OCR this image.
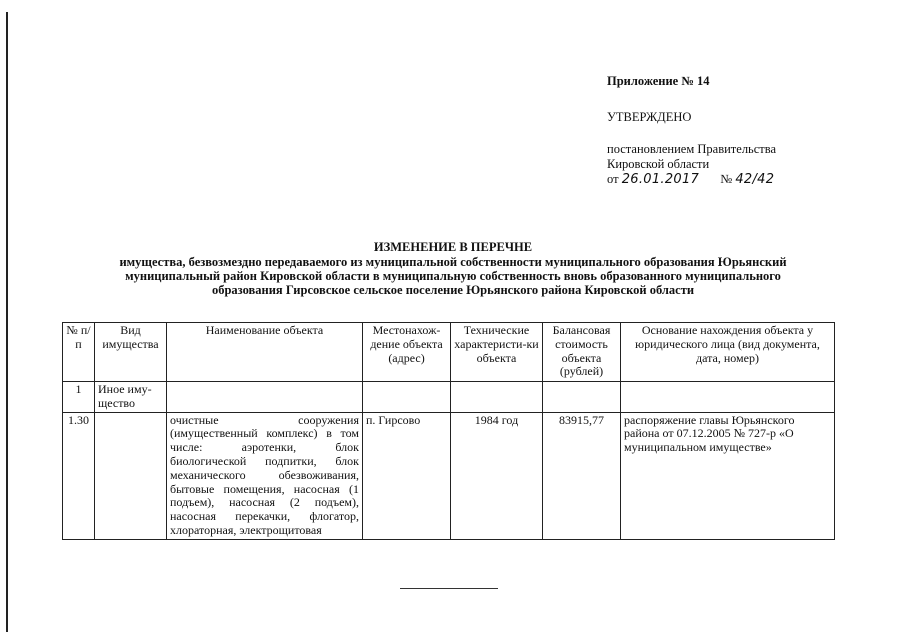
Приложение № 14
УТВЕРЖДЕНО
постановлением Правительства
Кировской области
от 26.01.2017 № 42/42
ИЗМЕНЕНИЕ В ПЕРЕЧНЕ
имущества, безвозмездно передаваемого из муниципальной собственности муниципального образования Юрьянский
муниципальный район Кировской области в муниципальную собственность вновь образованного муниципального
образования Гирсовское сельское поселение Юрьянского района Кировской области
№ п/п	Вид имущества	Наименование объекта	Местонахож-дение объекта (адрес)	Технические характеристи-ки объекта	Балансовая стоимость объекта (рублей)	Основание нахождения объекта у юридического лица (вид документа, дата, номер)
1	Иное иму-щество					
1.30		очистные сооружения (имущественный комплекс) в том числе: аэротенки, блок биологической подпитки, блок механического обезвоживания, бытовые помещения, насосная (1 подъем), насосная (2 подъем), насосная перекачки, флогатор, хлораторная, электрощитовая	п. Гирсово	1984 год	83915,77	распоряжение главы Юрьянского района от 07.12.2005 № 727-р «О муниципальном имуществе»
